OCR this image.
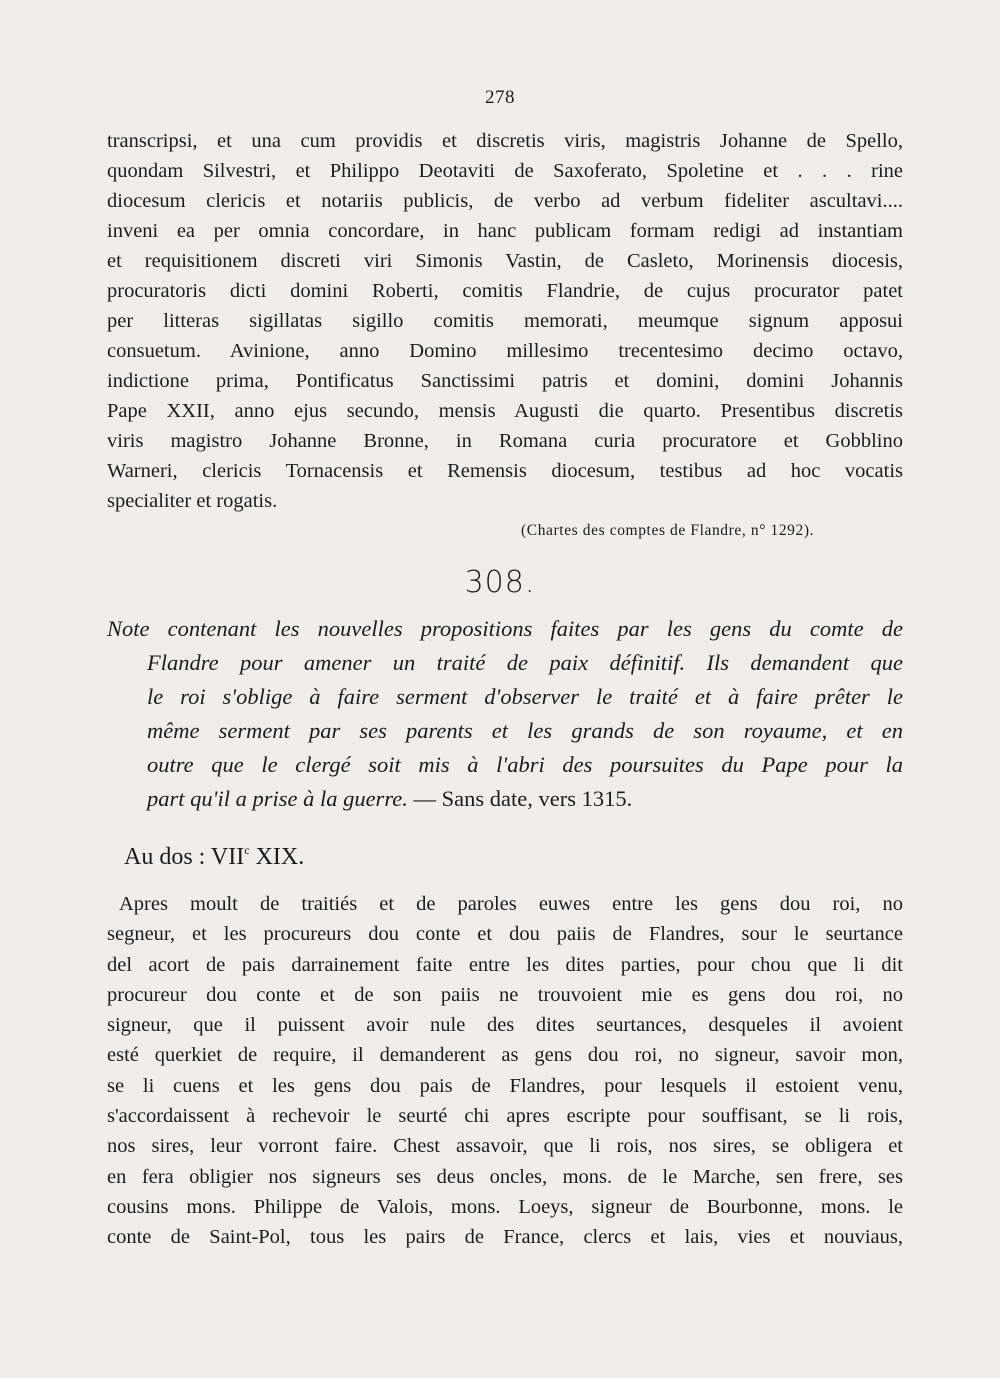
278
transcripsi, et una cum providis et discretis viris, magistris Johanne de Spello,
quondam Silvestri, et Philippo Deotaviti de Saxoferato, Spoletine et . . . rine
diocesum clericis et notariis publicis, de verbo ad verbum fideliter ascultavi....
inveni ea per omnia concordare, in hanc publicam formam redigi ad instantiam
et requisitionem discreti viri Simonis Vastin, de Casleto, Morinensis diocesis,
procuratoris dicti domini Roberti, comitis Flandrie, de cujus procurator patet
per litteras sigillatas sigillo comitis memorati, meumque signum apposui
consuetum. Avinione, anno Domino millesimo trecentesimo decimo octavo,
indictione prima, Pontificatus Sanctissimi patris et domini, domini Johannis
Pape XXII, anno ejus secundo, mensis Augusti die quarto. Presentibus discretis
viris magistro Johanne Bronne, in Romana curia procuratore et Gobblino
Warneri, clericis Tornacensis et Remensis diocesum, testibus ad hoc vocatis
specialiter et rogatis.
(Chartes des comptes de Flandre, n° 1292).
308.
Note contenant les nouvelles propositions faites par les gens du comte de
Flandre pour amener un traité de paix définitif. Ils demandent que
le roi s'oblige à faire serment d'observer le traité et à faire prêter le
même serment par ses parents et les grands de son royaume, et en
outre que le clergé soit mis à l'abri des poursuites du Pape pour la
part qu'il a prise à la guerre. — Sans date, vers 1315.
Au dos : VII$^c$ XIX.
Apres moult de traitiés et de paroles euwes entre les gens dou roi, no
segneur, et les procureurs dou conte et dou paiis de Flandres, sour le seurtance
del acort de pais darrainement faite entre les dites parties, pour chou que li dit
procureur dou conte et de son paiis ne trouvoient mie es gens dou roi, no
signeur, que il puissent avoir nule des dites seurtances, desqueles il avoient
esté querkiet de require, il demanderent as gens dou roi, no signeur, savoir mon,
se li cuens et les gens dou pais de Flandres, pour lesquels il estoient venu,
s'accordaissent à rechevoir le seurté chi apres escripte pour souffisant, se li rois,
nos sires, leur vorront faire. Chest assavoir, que li rois, nos sires, se obligera et
en fera obligier nos signeurs ses deus oncles, mons. de le Marche, sen frere, ses
cousins mons. Philippe de Valois, mons. Loeys, signeur de Bourbonne, mons. le
conte de Saint-Pol, tous les pairs de France, clercs et lais, vies et nouviaus,
